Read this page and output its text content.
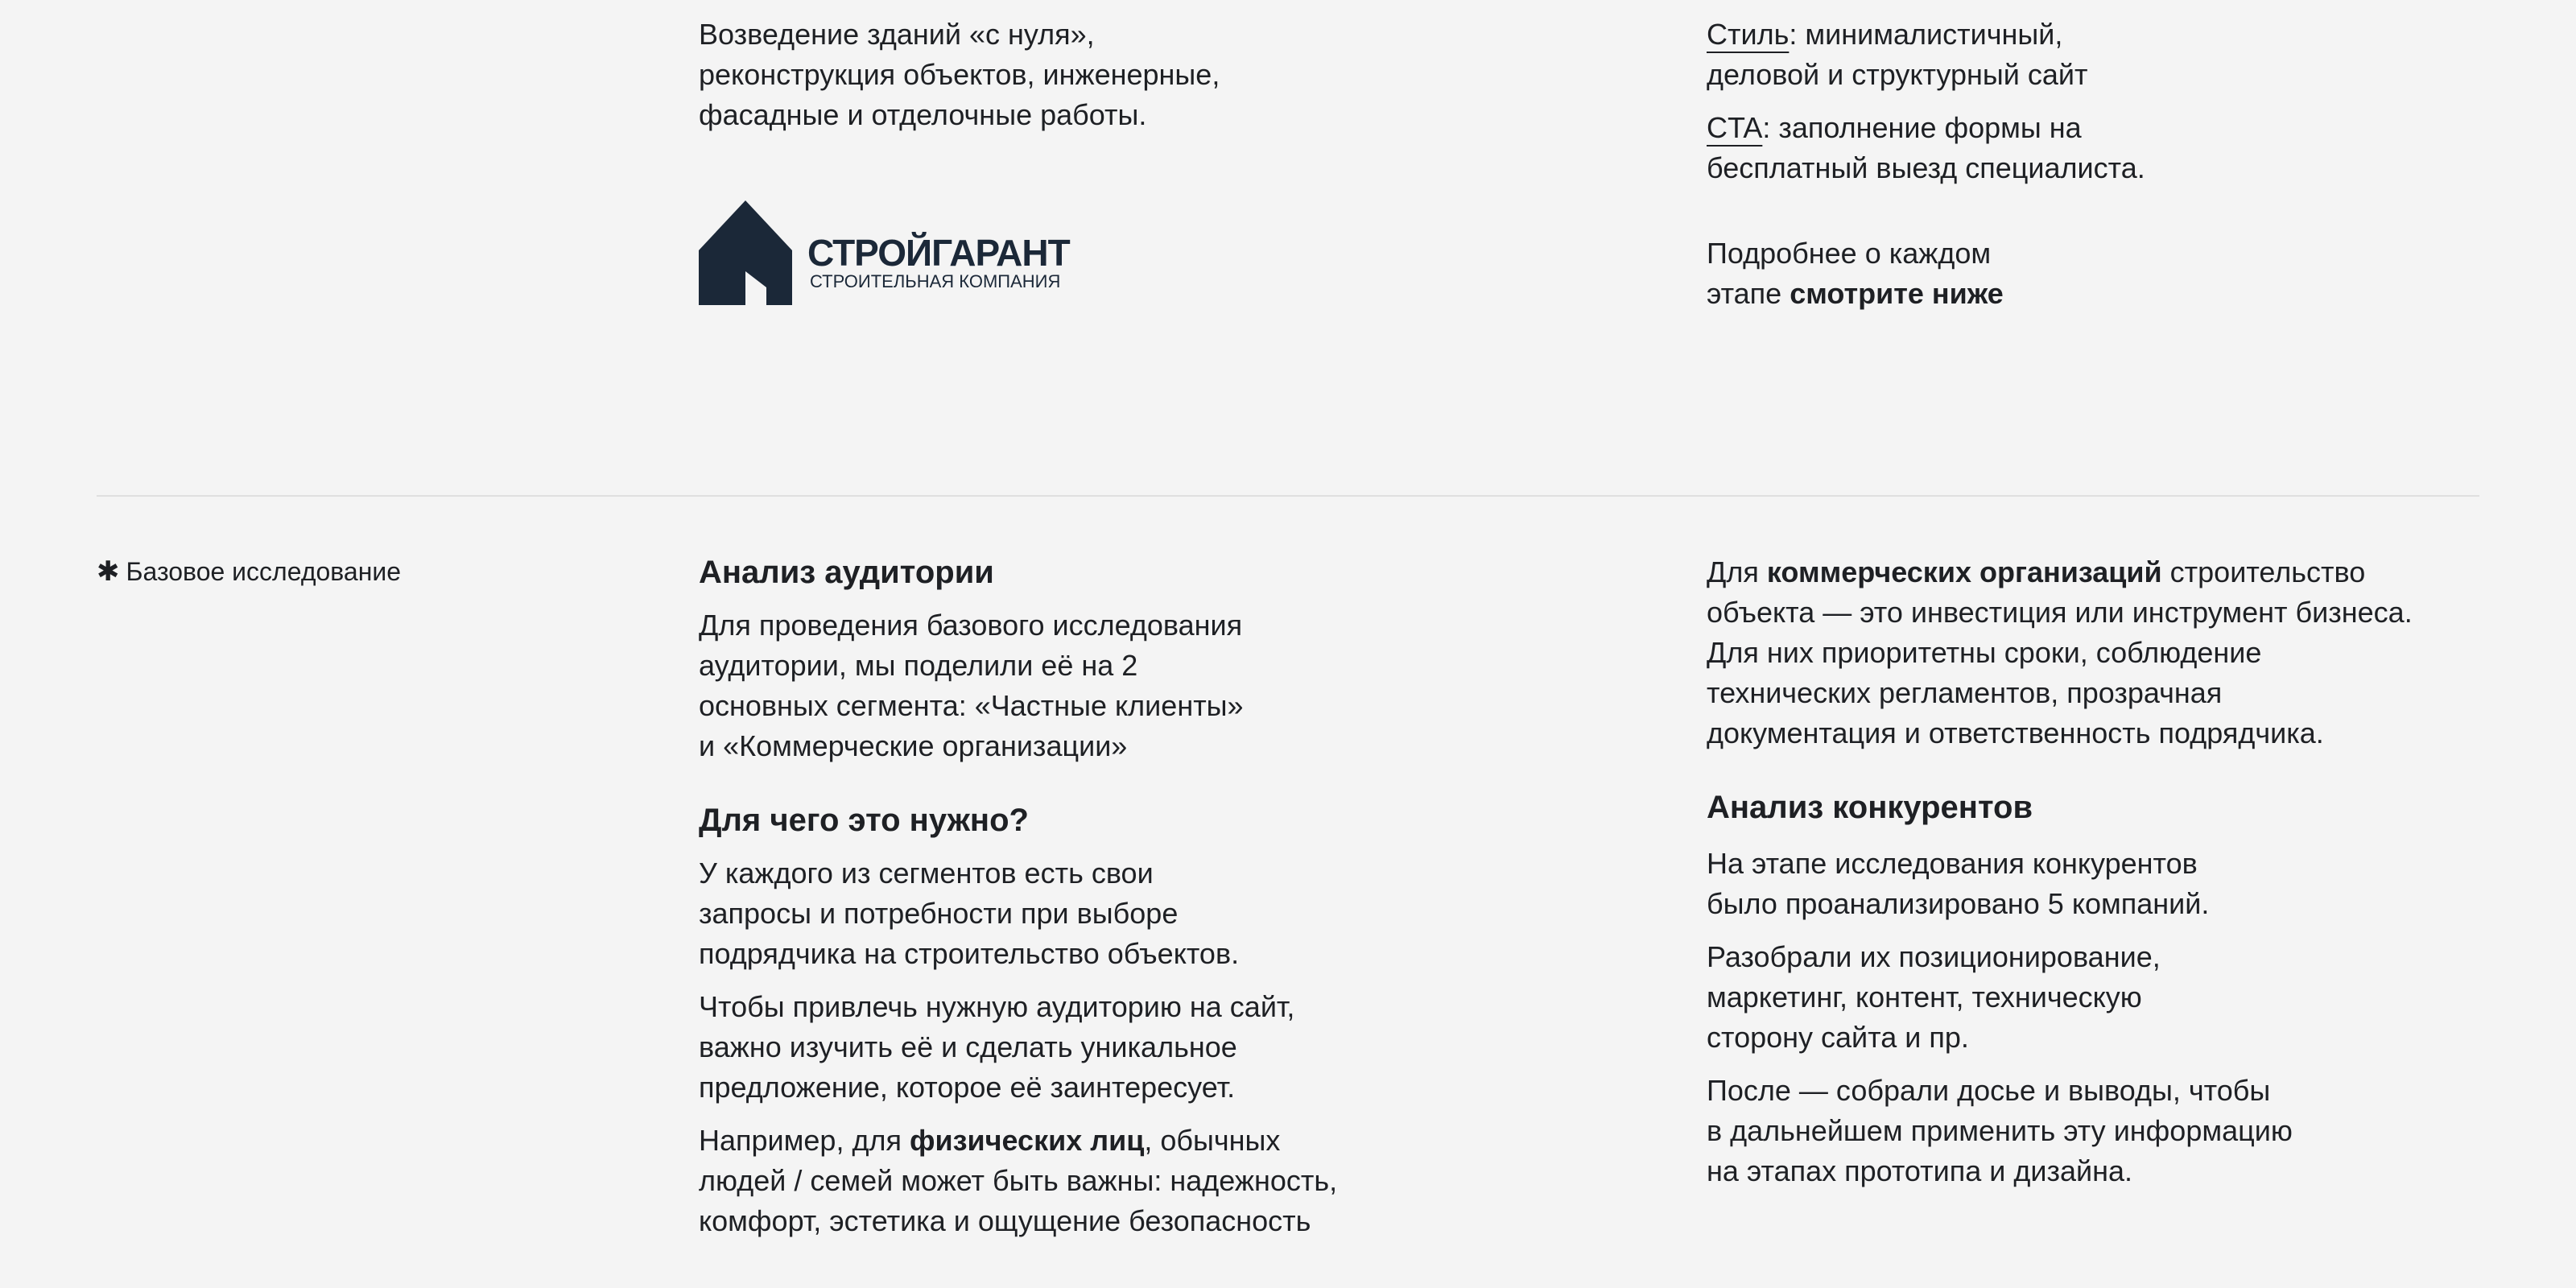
Возведение зданий «с нуля»,

реконструкция объектов, инженерные,

фасадные и отделочные работы.

СТРОЙГАРАНТ
СТРОИТЕЛЬНАЯ КОМПАНИЯ

Стиль: минималистичный,

деловой и структурный сайт

CTA: заполнение формы на

бесплатный выезд специалиста.

Подробнее о каждом

этапе смотрите ниже

✱ Базовое исследование	Анализ аудитории

Для проведения базового исследования

аудитории, мы поделили её на 2

основных сегмента: «Частные клиенты»

и «Коммерческие организации»

Для чего это нужно?

У каждого из сегментов есть свои

запросы и потребности при выборе

подрядчика на строительство объектов.

Чтобы привлечь нужную аудиторию на сайт,

важно изучить её и сделать уникальное

предложение, которое её заинтересует.

Например, для физических лиц, обычных

людей / семей может быть важны: надежность,

комфорт, эстетика и ощущение безопасность

Для коммерческих организаций строительство

объекта — это инвестиция или инструмент бизнеса.

Для них приоритетны сроки, соблюдение

технических регламентов, прозрачная

документация и ответственность подрядчика.

Анализ конкурентов

На этапе исследования конкурентов

было проанализировано 5 компаний.

Разобрали их позиционирование,

маркетинг, контент, техническую

сторону сайта и пр.

После — собрали досье и выводы, чтобы

в дальнейшем применить эту информацию

на этапах прототипа и дизайна.
